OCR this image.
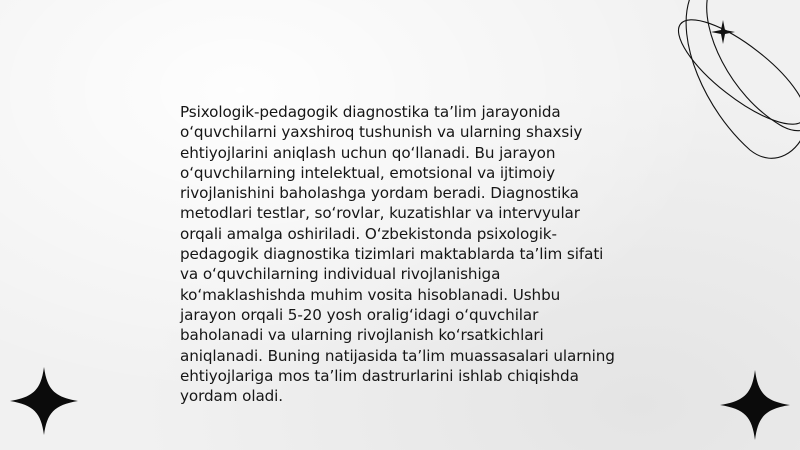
Psixologik-pedagogik diagnostika taʼlim jarayonida oʻquvchilarni yaxshiroq tushunish va ularning shaxsiy ehtiyojlarini aniqlash uchun qoʻllanadi. Bu jarayon oʻquvchilarning intelektual, emotsional va ijtimoiy rivojlanishini baholashga yordam beradi. Diagnostika metodlari testlar, soʻrovlar, kuzatishlar va intervyular orqali amalga oshiriladi. Oʻzbekistonda psixologik-pedagogik diagnostika tizimlari maktablarda taʼlim sifati va oʻquvchilarning individual rivojlanishiga koʻmaklashishda muhim vosita hisoblanadi. Ushbu jarayon orqali 5-20 yosh oraligʻidagi oʻquvchilar baholanadi va ularning rivojlanish koʻrsatkichlari aniqlanadi. Buning natijasida taʼlim muassasalari ularning ehtiyojlariga mos taʼlim dastrurlarini ishlab chiqishda yordam oladi.
